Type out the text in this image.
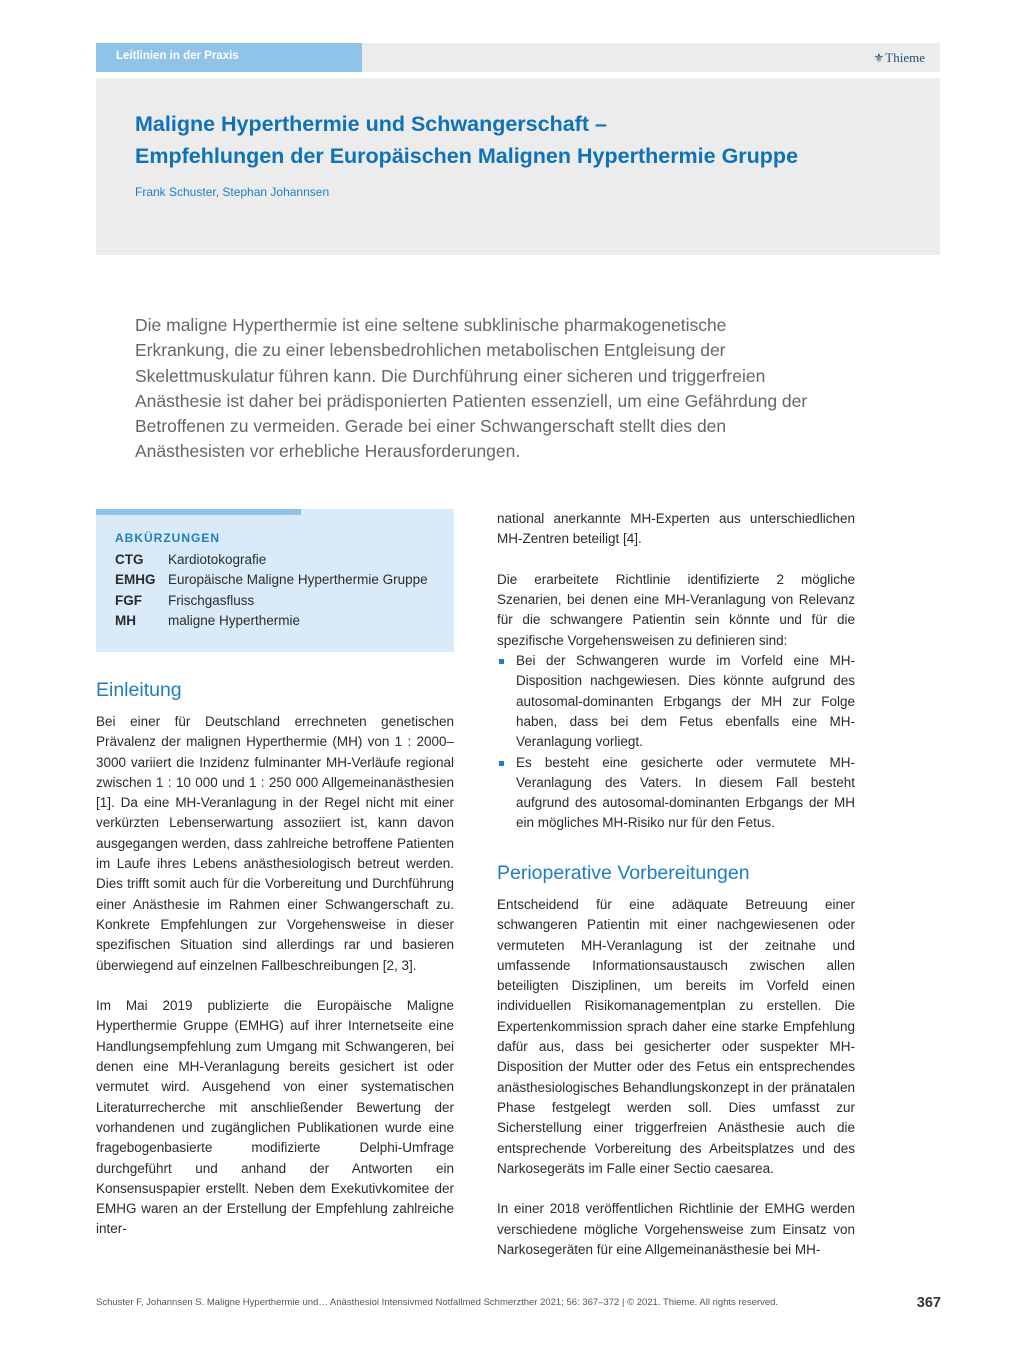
Leitlinien in der Praxis	⚜Thieme
Maligne Hyperthermie und Schwangerschaft –
Empfehlungen der Europäischen Malignen Hyperthermie Gruppe
Frank Schuster, Stephan Johannsen

Die maligne Hyperthermie ist eine seltene subklinische pharmakogenetische Erkrankung, die zu einer lebensbedrohlichen metabolischen Entgleisung der Skelettmuskulatur führen kann. Die Durchführung einer sicheren und triggerfreien Anästhesie ist daher bei prädisponierten Patienten essenziell, um eine Gefährdung der Betroffenen zu vermeiden. Gerade bei einer Schwangerschaft stellt dies den Anästhesisten vor erhebliche Herausforderungen.

ABKÜRZUNGEN
CTG Kardiotokografie
EMHG Europäische Maligne Hyperthermie Gruppe
FGF Frischgasfluss
MH maligne Hyperthermie
Einleitung

Bei einer für Deutschland errechneten genetischen Prävalenz der malignen Hyperthermie (MH) von 1 : 2000–3000 variiert die Inzidenz fulminanter MH-Verläufe regional zwischen 1 : 10 000 und 1 : 250 000 Allgemeinanästhesien [1]. Da eine MH-Veranlagung in der Regel nicht mit einer verkürzten Lebenserwartung assoziiert ist, kann davon ausgegangen werden, dass zahlreiche betroffene Patienten im Laufe ihres Lebens anästhesiologisch betreut werden. Dies trifft somit auch für die Vorbereitung und Durchführung einer Anästhesie im Rahmen einer Schwangerschaft zu. Konkrete Empfehlungen zur Vorgehensweise in dieser spezifischen Situation sind allerdings rar und basieren überwiegend auf einzelnen Fallbeschreibungen [2, 3].

Im Mai 2019 publizierte die Europäische Maligne Hyperthermie Gruppe (EMHG) auf ihrer Internetseite eine Handlungsempfehlung zum Umgang mit Schwangeren, bei denen eine MH-Veranlagung bereits gesichert ist oder vermutet wird. Ausgehend von einer systematischen Literaturrecherche mit anschließender Bewertung der vorhandenen und zugänglichen Publikationen wurde eine fragebogenbasierte modifizierte Delphi-Umfrage durchgeführt und anhand der Antworten ein Konsensuspapier erstellt. Neben dem Exekutivkomitee der EMHG waren an der Erstellung der Empfehlung zahlreiche inter-

national anerkannte MH-Experten aus unterschiedlichen MH-Zentren beteiligt [4].

Die erarbeitete Richtlinie identifizierte 2 mögliche Szenarien, bei denen eine MH-Veranlagung von Relevanz für die schwangere Patientin sein könnte und für die spezifische Vorgehensweisen zu definieren sind:

Bei der Schwangeren wurde im Vorfeld eine MH-Disposition nachgewiesen. Dies könnte aufgrund des autosomal-dominanten Erbgangs der MH zur Folge haben, dass bei dem Fetus ebenfalls eine MH-Veranlagung vorliegt.
Es besteht eine gesicherte oder vermutete MH-Veranlagung des Vaters. In diesem Fall besteht aufgrund des autosomal-dominanten Erbgangs der MH ein mögliches MH-Risiko nur für den Fetus.
Perioperative Vorbereitungen

Entscheidend für eine adäquate Betreuung einer schwangeren Patientin mit einer nachgewiesenen oder vermuteten MH-Veranlagung ist der zeitnahe und umfassende Informationsaustausch zwischen allen beteiligten Disziplinen, um bereits im Vorfeld einen individuellen Risikomanagementplan zu erstellen. Die Expertenkommission sprach daher eine starke Empfehlung dafür aus, dass bei gesicherter oder suspekter MH-Disposition der Mutter oder des Fetus ein entsprechendes anästhesiologisches Behandlungskonzept in der pränatalen Phase festgelegt werden soll. Dies umfasst zur Sicherstellung einer triggerfreien Anästhesie auch die entsprechende Vorbereitung des Arbeitsplatzes und des Narkosegeräts im Falle einer Sectio caesarea.

In einer 2018 veröffentlichen Richtlinie der EMHG werden verschiedene mögliche Vorgehensweise zum Einsatz von Narkosegeräten für eine Allgemeinanästhesie bei MH-

Schuster F, Johannsen S. Maligne Hyperthermie und… Anästhesiol Intensivmed Notfallmed Schmerzther 2021; 56: 367–372 | © 2021. Thieme. All rights reserved.	367
